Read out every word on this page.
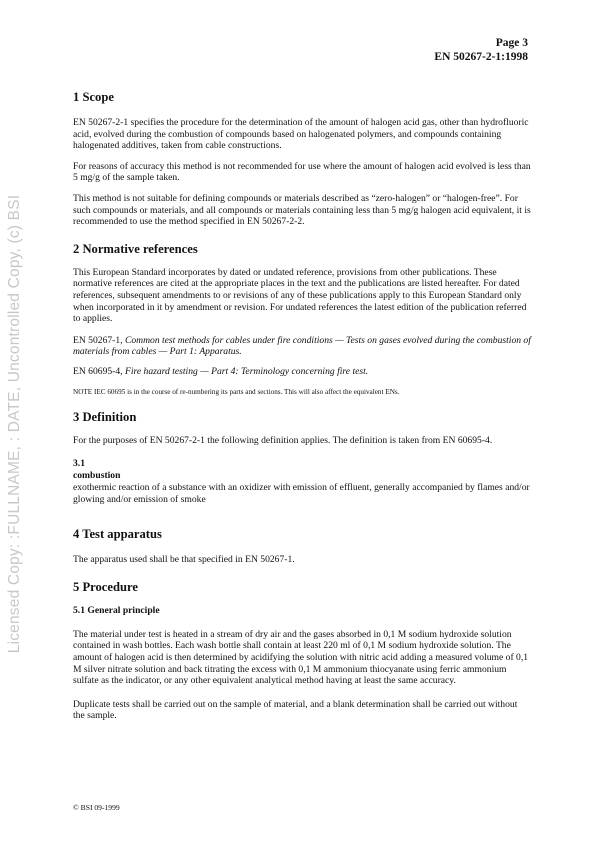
Licensed Copy: :FULLNAME, : DATE, Uncontrolled Copy, (c) BSI
Page 3
EN 50267-2-1:1998
1 Scope

EN 50267-2-1 specifies the procedure for the determination of the amount of halogen acid gas, other than hydrofluoric acid, evolved during the combustion of compounds based on halogenated polymers, and compounds containing halogenated additives, taken from cable constructions.

For reasons of accuracy this method is not recommended for use where the amount of halogen acid evolved is less than 5 mg/g of the sample taken.

This method is not suitable for defining compounds or materials described as “zero-halogen” or “halogen-free”. For such compounds or materials, and all compounds or materials containing less than 5 mg/g halogen acid equivalent, it is recommended to use the method specified in EN 50267-2-2.

2 Normative references

This European Standard incorporates by dated or undated reference, provisions from other publications. These normative references are cited at the appropriate places in the text and the publications are listed hereafter. For dated references, subsequent amendments to or revisions of any of these publications apply to this European Standard only when incorporated in it by amendment or revision. For undated references the latest edition of the publication referred to applies.

EN 50267-1, Common test methods for cables under fire conditions — Tests on gases evolved during the combustion of materials from cables — Part 1: Apparatus.

EN 60695-4, Fire hazard testing — Part 4: Terminology concerning fire test.

NOTE IEC 60695 is in the course of re-numbering its parts and sections. This will also affect the equivalent ENs.

3 Definition

For the purposes of EN 50267-2-1 the following definition applies. The definition is taken from EN 60695-4.

3.1
combustion

exothermic reaction of a substance with an oxidizer with emission of effluent, generally accompanied by flames and/or glowing and/or emission of smoke

4 Test apparatus

The apparatus used shall be that specified in EN 50267-1.

5 Procedure
5.1 General principle

The material under test is heated in a stream of dry air and the gases absorbed in 0,1 M sodium hydroxide solution contained in wash bottles. Each wash bottle shall contain at least 220 ml of 0,1 M sodium hydroxide solution. The amount of halogen acid is then determined by acidifying the solution with nitric acid adding a measured volume of 0,1 M silver nitrate solution and back titrating the excess with 0,1 M ammonium thiocyanate using ferric ammonium sulfate as the indicator, or any other equivalent analytical method having at least the same accuracy.

Duplicate tests shall be carried out on the sample of material, and a blank determination shall be carried out without the sample.

© BSI 09-1999
